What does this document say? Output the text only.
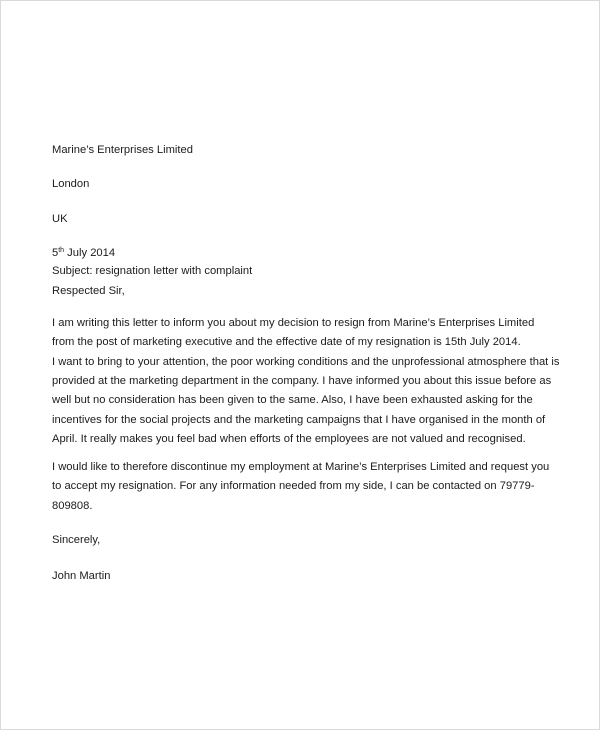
Marine’s Enterprises Limited
London
UK
5th July 2014
Subject: resignation letter with complaint
Respected Sir,
I am writing this letter to inform you about my decision to resign from Marine’s Enterprises Limited
from the post of marketing executive and the effective date of my resignation is 15th July 2014.
I want to bring to your attention, the poor working conditions and the unprofessional atmosphere that is
provided at the marketing department in the company. I have informed you about this issue before as
well but no consideration has been given to the same. Also, I have been exhausted asking for the
incentives for the social projects and the marketing campaigns that I have organised in the month of
April. It really makes you feel bad when efforts of the employees are not valued and recognised.
I would like to therefore discontinue my employment at Marine’s Enterprises Limited and request you
to accept my resignation. For any information needed from my side, I can be contacted on 79779-
809808.
Sincerely,
John Martin
